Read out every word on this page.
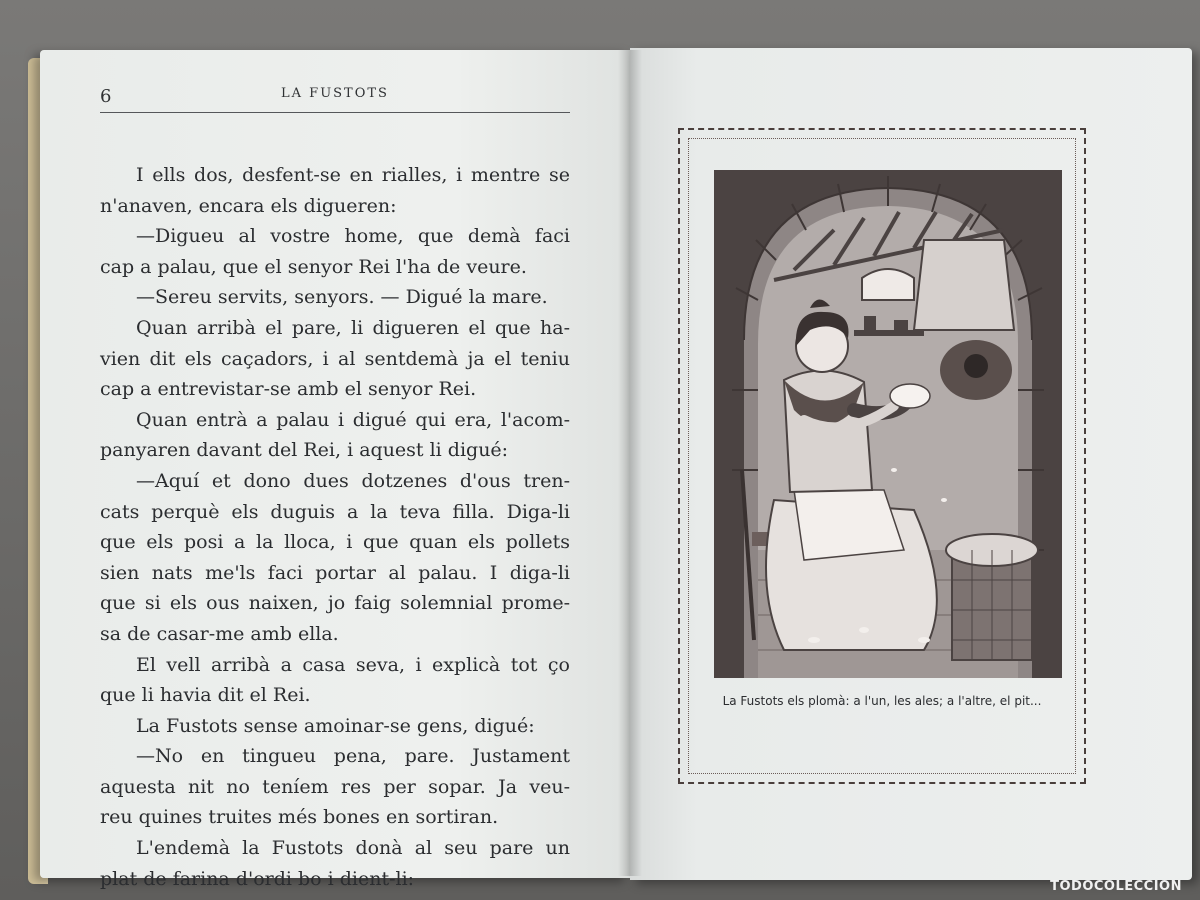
6	LA FUSTOTS
I ells dos, desfent-se en rialles, i mentre se
n'anaven, encara els digueren:
—Digueu al vostre home, que demà faci
cap a palau, que el senyor Rei l'ha de veure.
—Sereu servits, senyors. — Digué la mare.
Quan arribà el pare, li digueren el que ha-
vien dit els caçadors, i al sentdemà ja el teniu
cap a entrevistar-se amb el senyor Rei.
Quan entrà a palau i digué qui era, l'acom-
panyaren davant del Rei, i aquest li digué:
—Aquí et dono dues dotzenes d'ous tren-
cats perquè els duguis a la teva filla. Diga-li
que els posi a la lloca, i que quan els pollets
sien nats me'ls faci portar al palau. I diga-li
que si els ous naixen, jo faig solemnial prome-
sa de casar-me amb ella.
El vell arribà a casa seva, i explicà tot ço
que li havia dit el Rei.
La Fustots sense amoinar-se gens, digué:
—No en tingueu pena, pare. Justament
aquesta nit no teníem res per sopar. Ja veu-
reu quines truites més bones en sortiran.
L'endemà la Fustots donà al seu pare un
plat de farina d'ordi bo i dient-li:
La Fustots els plomà: a l'un, les ales; a l'altre, el pit...
TODOCOLECCION
